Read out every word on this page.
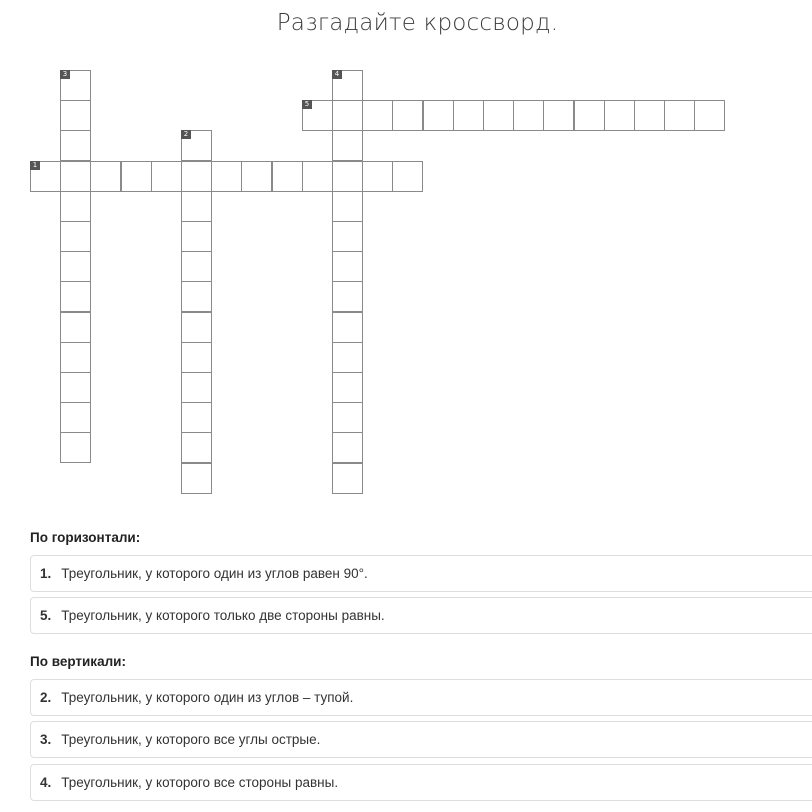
Разгадайте кроссворд.
1
5
3
2
4
По горизонтали:
1. Треугольник, у которого один из углов равен 90°.
5. Треугольник, у которого только две стороны равны.
По вертикали:
2. Треугольник, у которого один из углов – тупой.
3. Треугольник, у которого все углы острые.
4. Треугольник, у которого все стороны равны.
